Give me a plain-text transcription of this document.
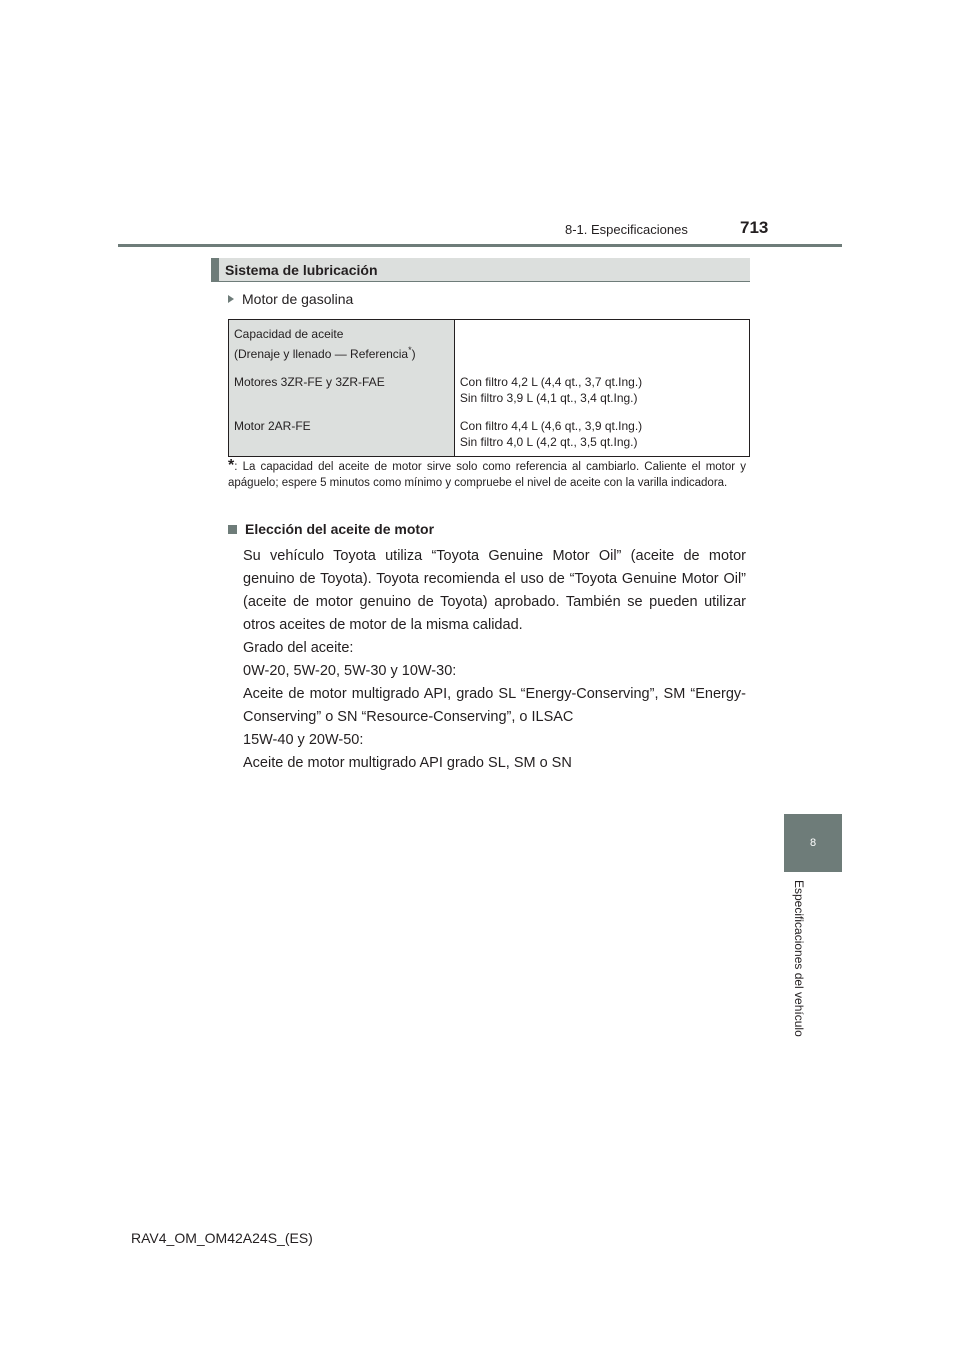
8-1. Especificaciones	713
8
Especificaciones del vehículo
Sistema de lubricación
Motor de gasolina
Capacidad de aceite
(Drenaje y llenado — Referencia*)	

Motores 3ZR-FE y 3ZR-FAE	Con filtro 4,2 L (4,4 qt., 3,7 qt.Ing.)
Sin filtro 3,9 L (4,1 qt., 3,4 qt.Ing.)

Motor 2AR-FE	Con filtro 4,4 L (4,6 qt., 3,9 qt.Ing.)
Sin filtro 4,0 L (4,2 qt., 3,5 qt.Ing.)
*: La capacidad del aceite de motor sirve solo como referencia al cambiarlo. Caliente el motor y apáguelo; espere 5 minutos como mínimo y compruebe el nivel de aceite con la varilla indicadora.
Elección del aceite de motor
Su vehículo Toyota utiliza “Toyota Genuine Motor Oil” (aceite de motor genuino de Toyota). Toyota recomienda el uso de “Toyota Genuine Motor Oil” (aceite de motor genuino de Toyota) aprobado. También se pueden utilizar otros aceites de motor de la misma calidad.
Grado del aceite:
0W-20, 5W-20, 5W-30 y 10W-30:
Aceite de motor multigrado API, grado SL “Energy-Conserving”, SM “Energy-Conserving” o SN “Resource-Conserving”, o ILSAC
15W-40 y 20W-50:
Aceite de motor multigrado API grado SL, SM o SN
RAV4_OM_OM42A24S_(ES)
